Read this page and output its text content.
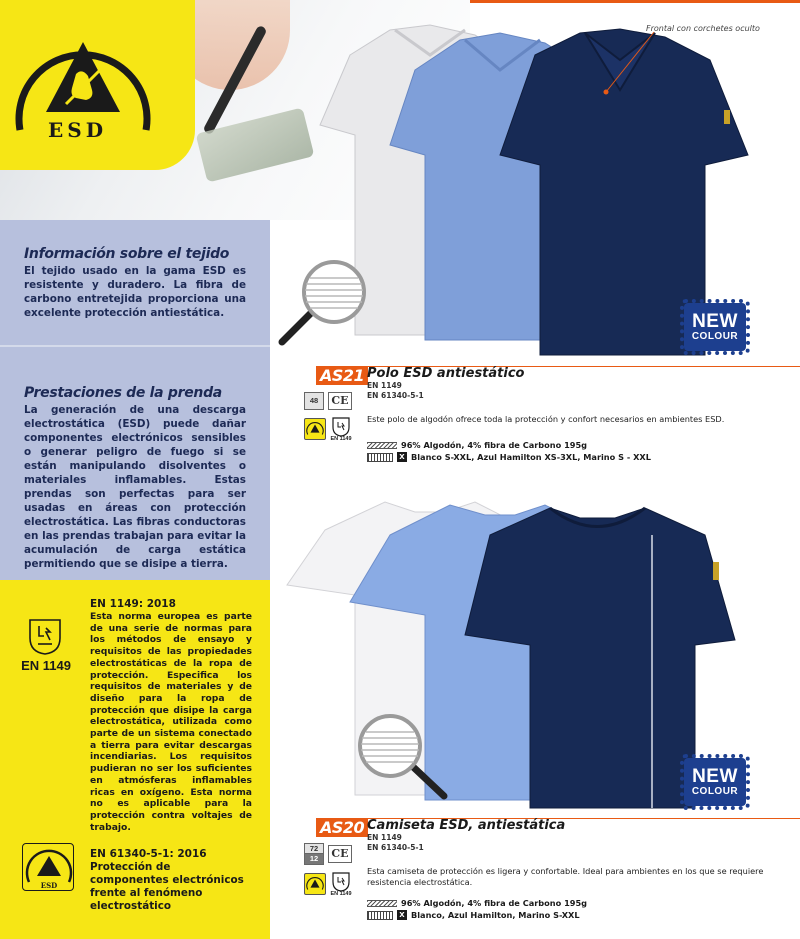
ESD
Información sobre el tejido
El tejido usado en la gama ESD es resistente y duradero. La fibra de carbono entretejida proporciona una excelente protección antiestática.
Prestaciones de la prenda
La generación de una descarga electrostática (ESD) puede dañar componentes electrónicos sensibles o generar peligro de fuego si se están manipulando disolventes o materiales inflamables. Estas prendas son perfectas para ser usadas en áreas con protección electrostática. Las fibras conductoras en las prendas trabajan para evitar la acumulación de carga estática permitiendo que se disipe a tierra.
EN 1149
EN 1149: 2018
Esta norma europea es parte de una serie de normas para los métodos de ensayo y requisitos de las propiedades electrostáticas de la ropa de protección. Especifica los requisitos de materiales y de diseño para la ropa de protección que disipe la carga electrostática, utilizada como parte de un sistema conectado a tierra para evitar descargas incendiarias. Los requisitos pudieran no ser los suficientes en atmósferas inflamables ricas en oxígeno. Esta norma no es aplicable para la protección contra voltajes de trabajo.
ESD
EN 61340-5-1: 2016
Protección de componentes electrónicos frente al fenómeno electrostático
Frontal con corchetes oculto
NEW
COLOUR
AS21 Polo ESD antiestático
EN 1149
EN 61340-5-1
48	CE
EN 1149
Este polo de algodón ofrece toda la protección y confort necesarios en ambientes ESD.
96% Algodón, 4% fibra de Carbono 195g
X Blanco S-XXL, Azul Hamilton XS-3XL, Marino S - XXL
NEW
COLOUR
AS20 Camiseta ESD, antiestática
EN 1149
EN 61340-5-1
72
12	CE
EN 1149
Esta camiseta de protección es ligera y confortable. Ideal para ambientes en los que se requiere resistencia electrostática.
96% Algodón, 4% fibra de Carbono 195g
X Blanco, Azul Hamilton, Marino S-XXL
